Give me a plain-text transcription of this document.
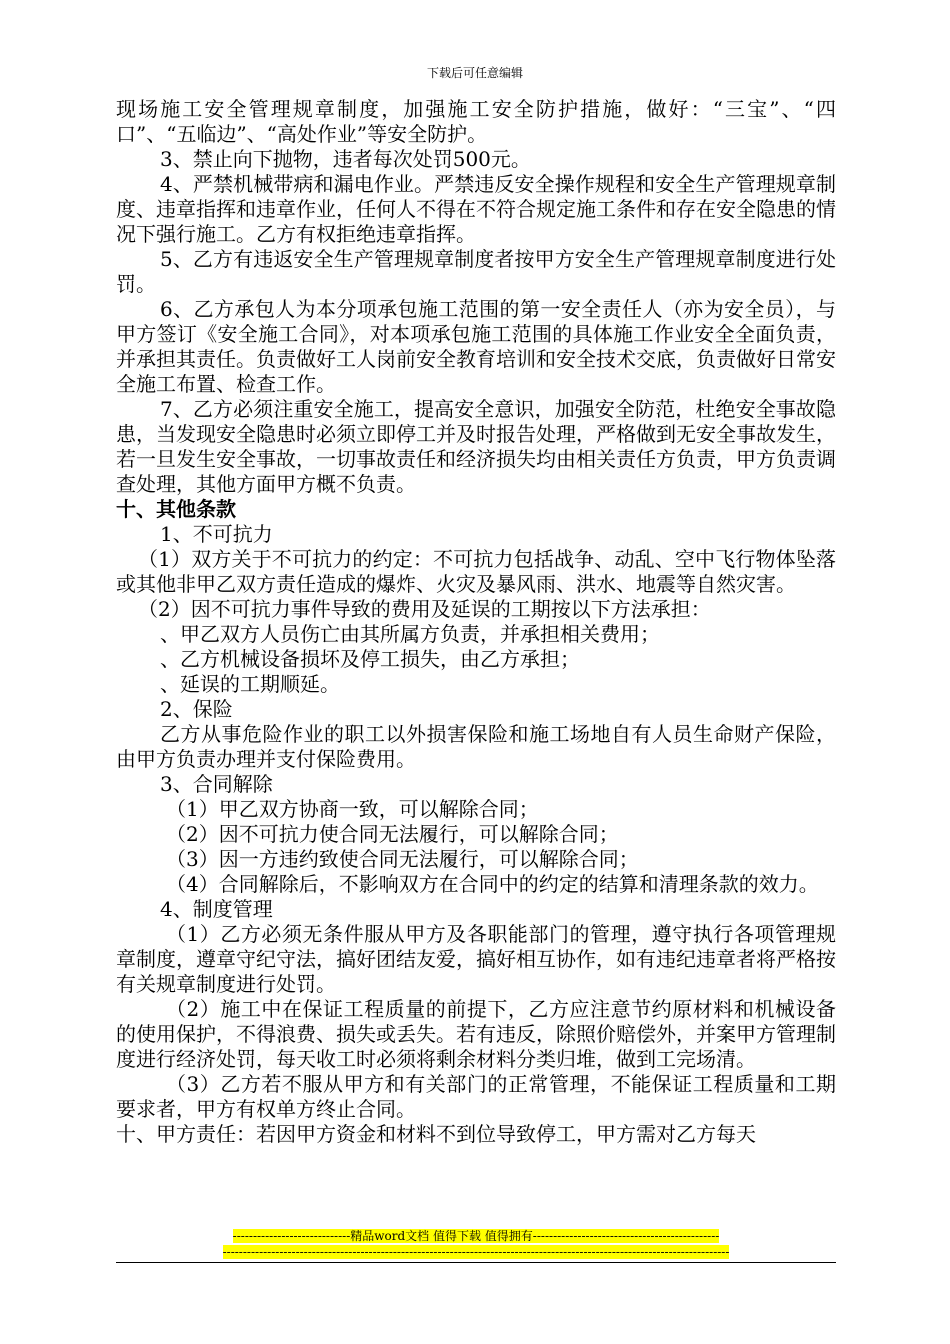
下载后可任意编辑

现场施工安全管理规章制度，加强施工安全防护措施，做好：“三宝”、“四口”、“五临边”、“高处作业”等安全防护。

3、禁止向下抛物，违者每次处罚500元。

4、严禁机械带病和漏电作业。严禁违反安全操作规程和安全生产管理规章制度、违章指挥和违章作业，任何人不得在不符合规定施工条件和存在安全隐患的情况下强行施工。乙方有权拒绝违章指挥。

5、乙方有违返安全生产管理规章制度者按甲方安全生产管理规章制度进行处罚。

6、乙方承包人为本分项承包施工范围的第一安全责任人（亦为安全员），与甲方签订《安全施工合同》，对本项承包施工范围的具体施工作业安全全面负责，并承担其责任。负责做好工人岗前安全教育培训和安全技术交底，负责做好日常安全施工布置、检查工作。

7、乙方必须注重安全施工，提高安全意识，加强安全防范，杜绝安全事故隐患，当发现安全隐患时必须立即停工并及时报告处理，严格做到无安全事故发生，若一旦发生安全事故，一切事故责任和经济损失均由相关责任方负责，甲方负责调查处理，其他方面甲方概不负责。

十、其他条款

1、不可抗力

（1）双方关于不可抗力的约定：不可抗力包括战争、动乱、空中飞行物体坠落或其他非甲乙双方责任造成的爆炸、火灾及暴风雨、洪水、地震等自然灾害。

（2）因不可抗力事件导致的费用及延误的工期按以下方法承担：

、甲乙双方人员伤亡由其所属方负责，并承担相关费用；

、乙方机械设备损坏及停工损失，由乙方承担；

、延误的工期顺延。

2、保险

乙方从事危险作业的职工以外损害保险和施工场地自有人员生命财产保险，由甲方负责办理并支付保险费用。

3、合同解除

（1）甲乙双方协商一致，可以解除合同；

（2）因不可抗力使合同无法履行，可以解除合同；

（3）因一方违约致使合同无法履行，可以解除合同；

（4）合同解除后，不影响双方在合同中的约定的结算和清理条款的效力。

4、制度管理

（1）乙方必须无条件服从甲方及各职能部门的管理，遵守执行各项管理规章制度，遵章守纪守法，搞好团结友爱，搞好相互协作，如有违纪违章者将严格按有关规章制度进行处罚。

（2）施工中在保证工程质量的前提下，乙方应注意节约原材料和机械设备的使用保护，不得浪费、损失或丢失。若有违反，除照价赔偿外，并案甲方管理制度进行经济处罚，每天收工时必须将剩余材料分类归堆，做到工完场清。

（3）乙方若不服从甲方和有关部门的正常管理，不能保证工程质量和工期要求者，甲方有权单方终止合同。

十、甲方责任：若因甲方资金和材料不到位导致停工，甲方需对乙方每天

-----------------------------精品word文档 值得下载 值得拥有----------------------------------------------
-----------------------------------------------------------------------------------------------------------------------------
